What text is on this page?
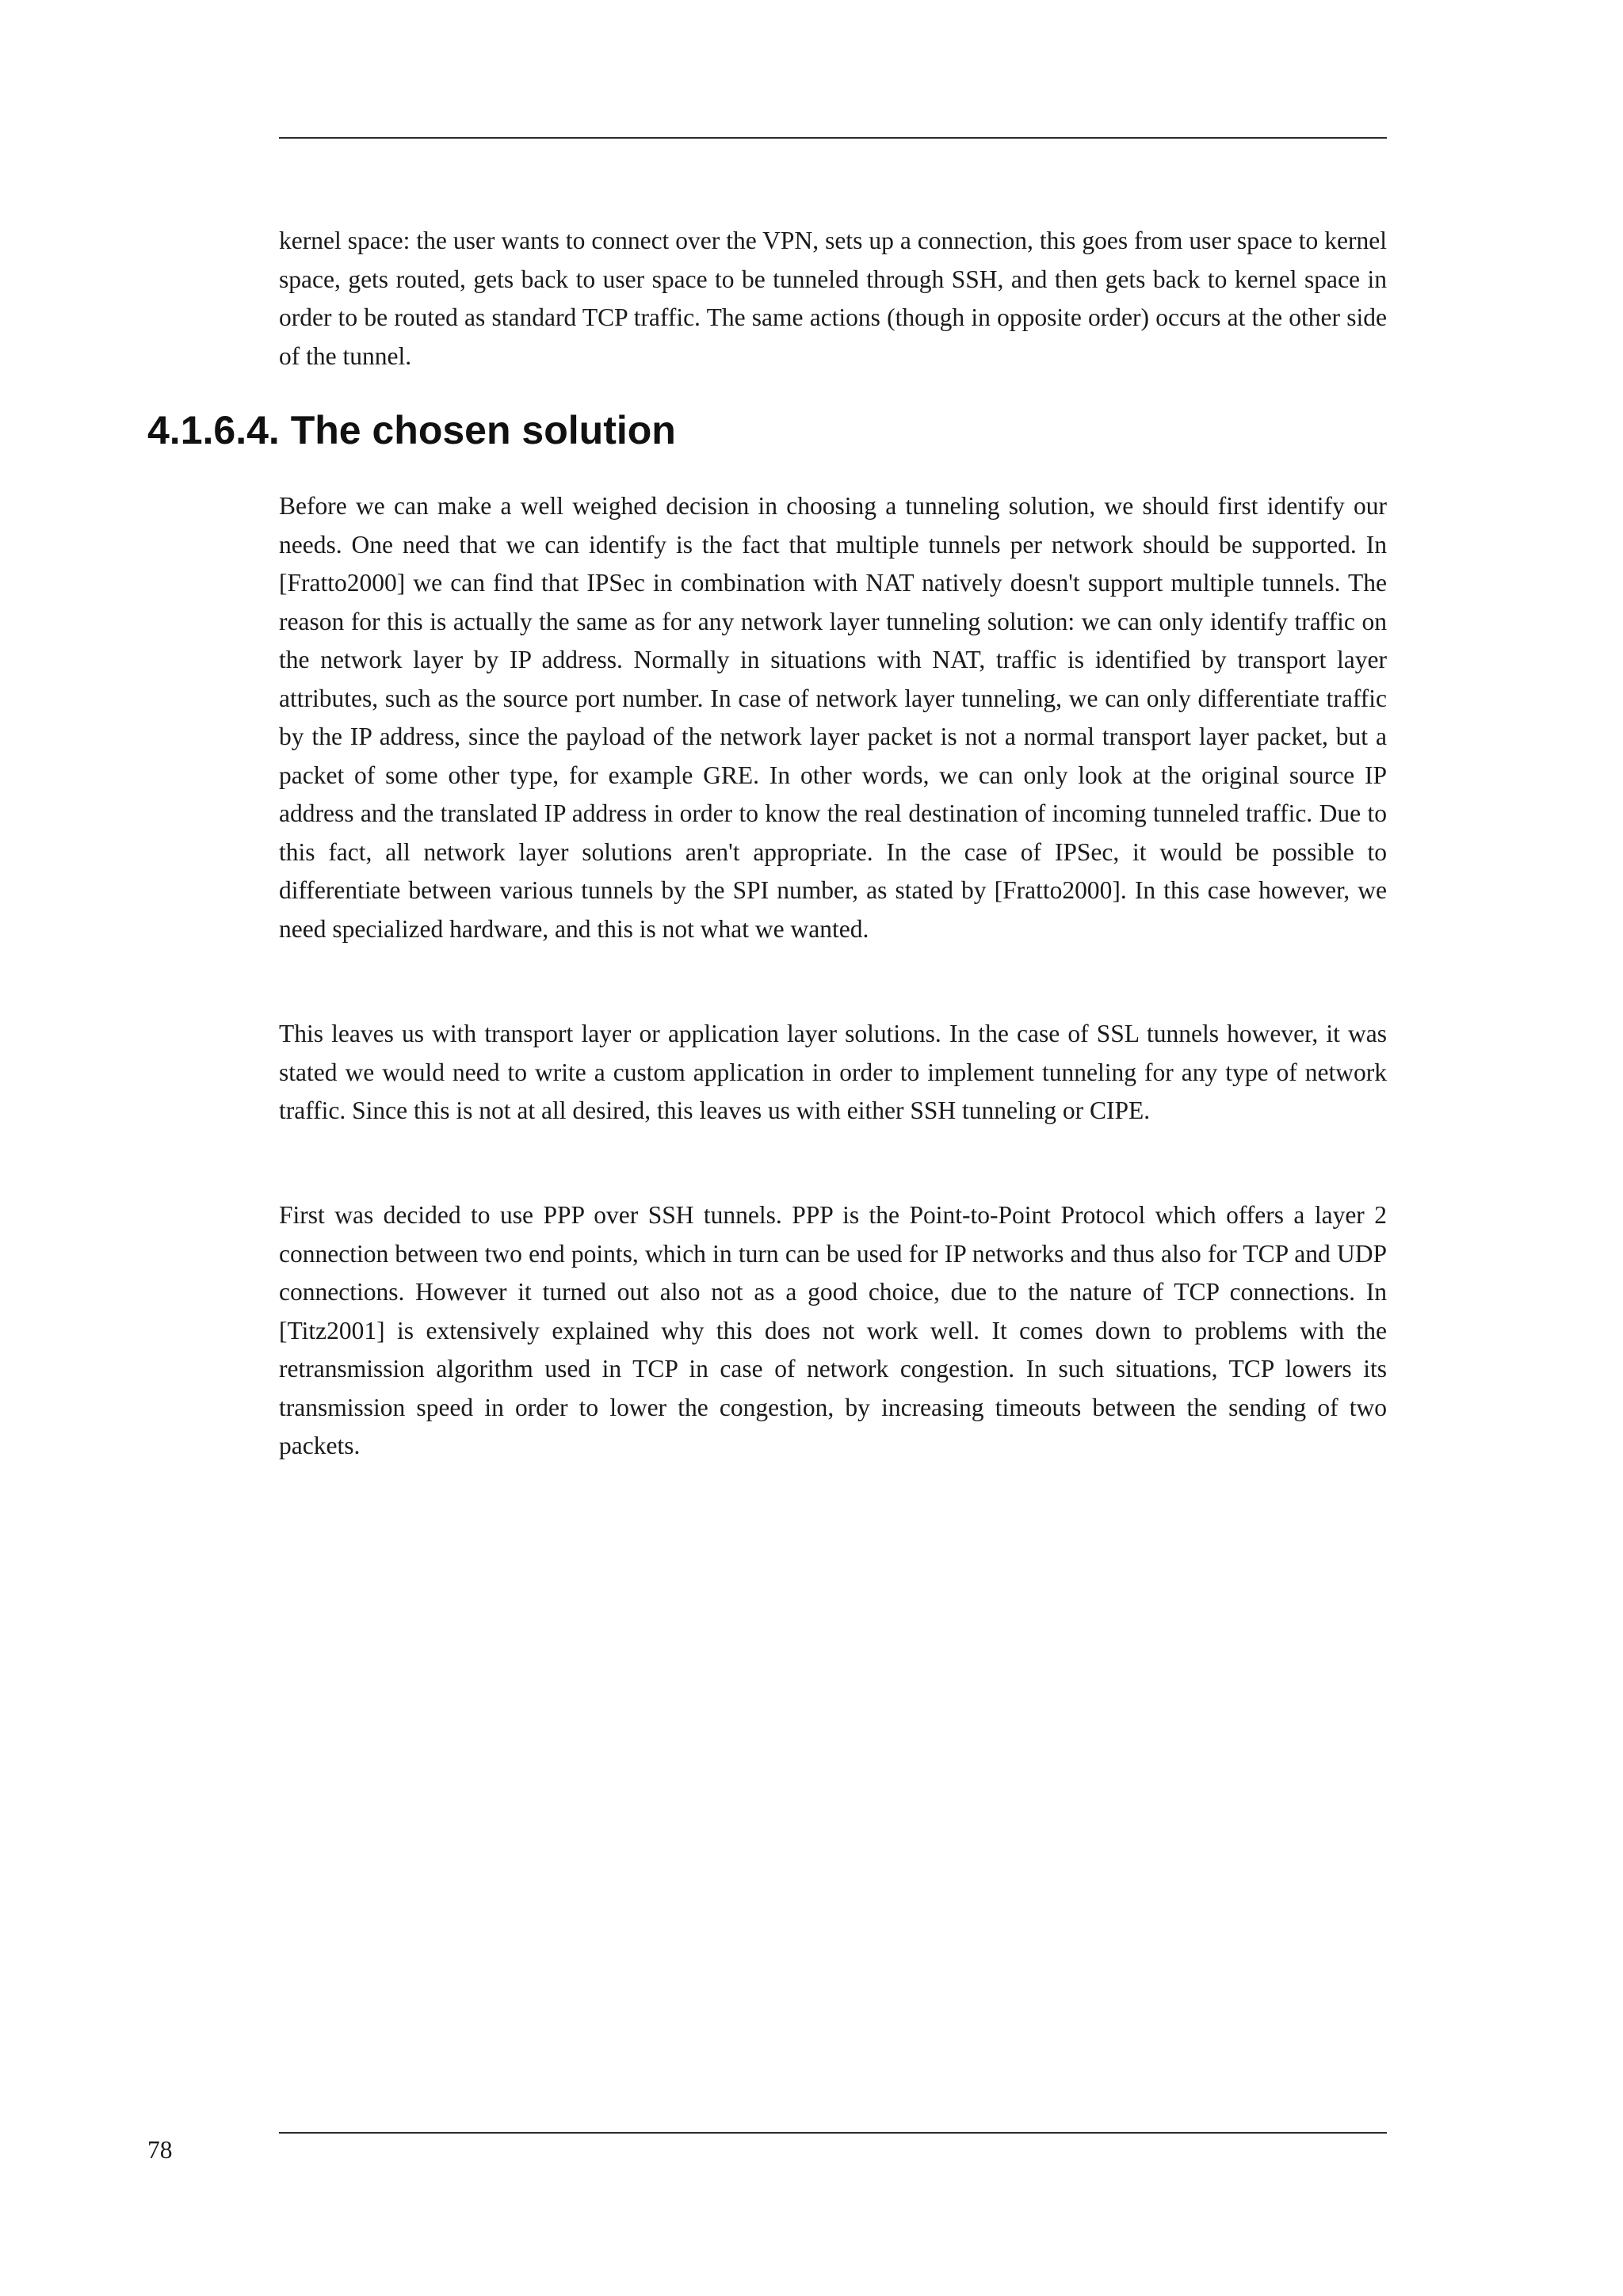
kernel space: the user wants to connect over the VPN, sets up a connection, this goes from user space to kernel space, gets routed, gets back to user space to be tunneled through SSH, and then gets back to kernel space in order to be routed as standard TCP traffic. The same actions (though in opposite order) occurs at the other side of the tunnel.

4.1.6.4. The chosen solution

Before we can make a well weighed decision in choosing a tunneling solution, we should first identify our needs. One need that we can identify is the fact that multiple tunnels per network should be supported. In [Fratto2000] we can find that IPSec in combination with NAT natively doesn't support multiple tunnels. The reason for this is actually the same as for any network layer tunneling solution: we can only identify traffic on the network layer by IP address. Normally in situations with NAT, traffic is identified by transport layer attributes, such as the source port number. In case of network layer tunneling, we can only differentiate traffic by the IP address, since the payload of the network layer packet is not a normal transport layer packet, but a packet of some other type, for example GRE. In other words, we can only look at the original source IP address and the translated IP address in order to know the real destination of incoming tunneled traffic. Due to this fact, all network layer solutions aren't appropriate. In the case of IPSec, it would be possible to differentiate between various tunnels by the SPI number, as stated by [Fratto2000]. In this case however, we need specialized hardware, and this is not what we wanted.

This leaves us with transport layer or application layer solutions. In the case of SSL tunnels however, it was stated we would need to write a custom application in order to implement tunneling for any type of network traffic. Since this is not at all desired, this leaves us with either SSH tunneling or CIPE.

First was decided to use PPP over SSH tunnels. PPP is the Point-to-Point Protocol which offers a layer 2 connection between two end points, which in turn can be used for IP networks and thus also for TCP and UDP connections. However it turned out also not as a good choice, due to the nature of TCP connections. In [Titz2001] is extensively explained why this does not work well. It comes down to problems with the retransmission algorithm used in TCP in case of network congestion. In such situations, TCP lowers its transmission speed in order to lower the congestion, by increasing timeouts between the sending of two packets.

78
